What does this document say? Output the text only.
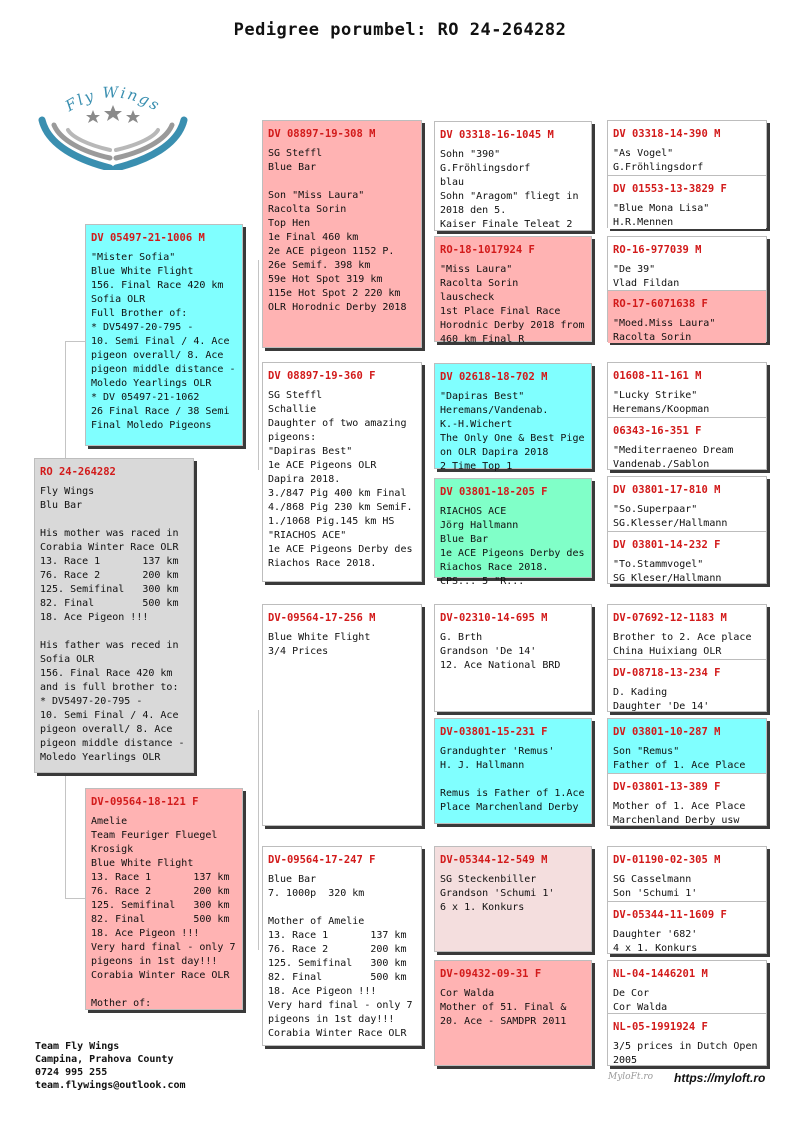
Pedigree porumbel: RO 24-264282
Fly Wings
RO 24-264282
Fly Wings
Blu Bar
His mother was raced in
Corabia Winter Race OLR
13. Race 1       137 km
76. Race 2       200 km
125. Semifinal   300 km
82. Final        500 km
18. Ace Pigeon !!!
His father was reced in
Sofia OLR
156. Final Race 420 km
and is full brother to:
* DV5497-20-795 -
10. Semi Final / 4. Ace
pigeon overall/ 8. Ace
pigeon middle distance -
Moledo Yearlings OLR
DV 05497-21-1006 M
"Mister Sofia"
Blue White Flight
156. Final Race 420 km
Sofia OLR
Full Brother of:
* DV5497-20-795 -
10. Semi Final / 4. Ace
pigeon overall/ 8. Ace
pigeon middle distance -
Moledo Yearlings OLR
* DV 05497-21-1062
26 Final Race / 38 Semi
Final Moledo Pigeons
DV-09564-18-121 F
Amelie
Team Feuriger Fluegel
Krosigk
Blue White Flight
13. Race 1       137 km
76. Race 2       200 km
125. Semifinal   300 km
82. Final        500 km
18. Ace Pigeon !!!
Very hard final - only 7
pigeons in 1st day!!!
Corabia Winter Race OLR
Mother of:
DV 08897-19-308 M
SG Steffl
Blue Bar
Son "Miss Laura"
Racolta Sorin
Top Hen
1e Final 460 km
2e ACE pigeon 1152 P.
26e Semif. 398 km
59e Hot Spot 319 km
115e Hot Spot 2 220 km
OLR Horodnic Derby 2018
DV 08897-19-360 F
SG Steffl
Schallie
Daughter of two amazing
pigeons:
"Dapiras Best"
1e ACE Pigeons OLR
Dapira 2018.
3./847 Pig 400 km Final
4./868 Pig 230 km SemiF.
1./1068 Pig.145 km HS
"RIACHOS ACE"
1e ACE Pigeons Derby des
Riachos Race 2018.
DV-09564-17-256 M
Blue White Flight
3/4 Prices
DV-09564-17-247 F
Blue Bar
7. 1000p  320 km
Mother of Amelie
13. Race 1       137 km
76. Race 2       200 km
125. Semifinal   300 km
82. Final        500 km
18. Ace Pigeon !!!
Very hard final - only 7
pigeons in 1st day!!!
Corabia Winter Race OLR
DV 03318-16-1045 M
Sohn "390"
G.Fröhlingsdorf
blau
Sohn "Aragom" fliegt in
2018 den 5.
Kaiser Finale Teleat 2
RO-18-1017924 F
"Miss Laura"
Racolta Sorin
lauscheck
1st Place Final Race
Horodnic Derby 2018 from
460 km Final R
DV 02618-18-702 M
"Dapiras Best"
Heremans/Vandenab.
K.-H.Wichert
The Only One & Best Pige
on OLR Dapira 2018
2 Time Top 1
DV 03801-18-205 F
RIACHOS ACE
Jörg Hallmann
Blue Bar
1e ACE Pigeons Derby des
Riachos Race 2018.
CPS... 5 "R...
DV-02310-14-695 M
G. Brth
Grandson 'De 14'
12. Ace National BRD
DV-03801-15-231 F
Grandughter 'Remus'
H. J. Hallmann
Remus is Father of 1.Ace
Place Marchenland Derby
DV-05344-12-549 M
SG Steckenbiller
Grandson 'Schumi 1'
6 x 1. Konkurs
DV-09432-09-31 F
Cor Walda
Mother of 51. Final &
20. Ace - SAMDPR 2011
DV 03318-14-390 M
"As Vogel"
G.Fröhlingsdorf
DV 01553-13-3829 F
"Blue Mona Lisa"
H.R.Mennen
RO-16-977039 M
"De 39"
Vlad Fildan
RO-17-6071638 F
"Moed.Miss Laura"
Racolta Sorin
01608-11-161 M
"Lucky Strike"
Heremans/Koopman
06343-16-351 F
"Mediterraeneo Dream
Vandenab./Sablon
DV 03801-17-810 M
"So.Superpaar"
SG.Klesser/Hallmann
DV 03801-14-232 F
"To.Stammvogel"
SG Kleser/Hallmann
DV-07692-12-1183 M
Brother to 2. Ace place
China Huixiang OLR
DV-08718-13-234 F
D. Kading
Daughter 'De 14'
DV 03801-10-287 M
Son "Remus"
Father of 1. Ace Place
DV-03801-13-389 F
Mother of 1. Ace Place
Marchenland Derby usw
DV-01190-02-305 M
SG Casselmann
Son 'Schumi 1'
DV-05344-11-1609 F
Daughter '682'
4 x 1. Konkurs
NL-04-1446201 M
De Cor
Cor Walda
NL-05-1991924 F
3/5 prices in Dutch Open
2005
Team Fly Wings
Campina, Prahova County
0724 995 255
team.flywings@outlook.com
MyloFt.ro https://myloft.ro
